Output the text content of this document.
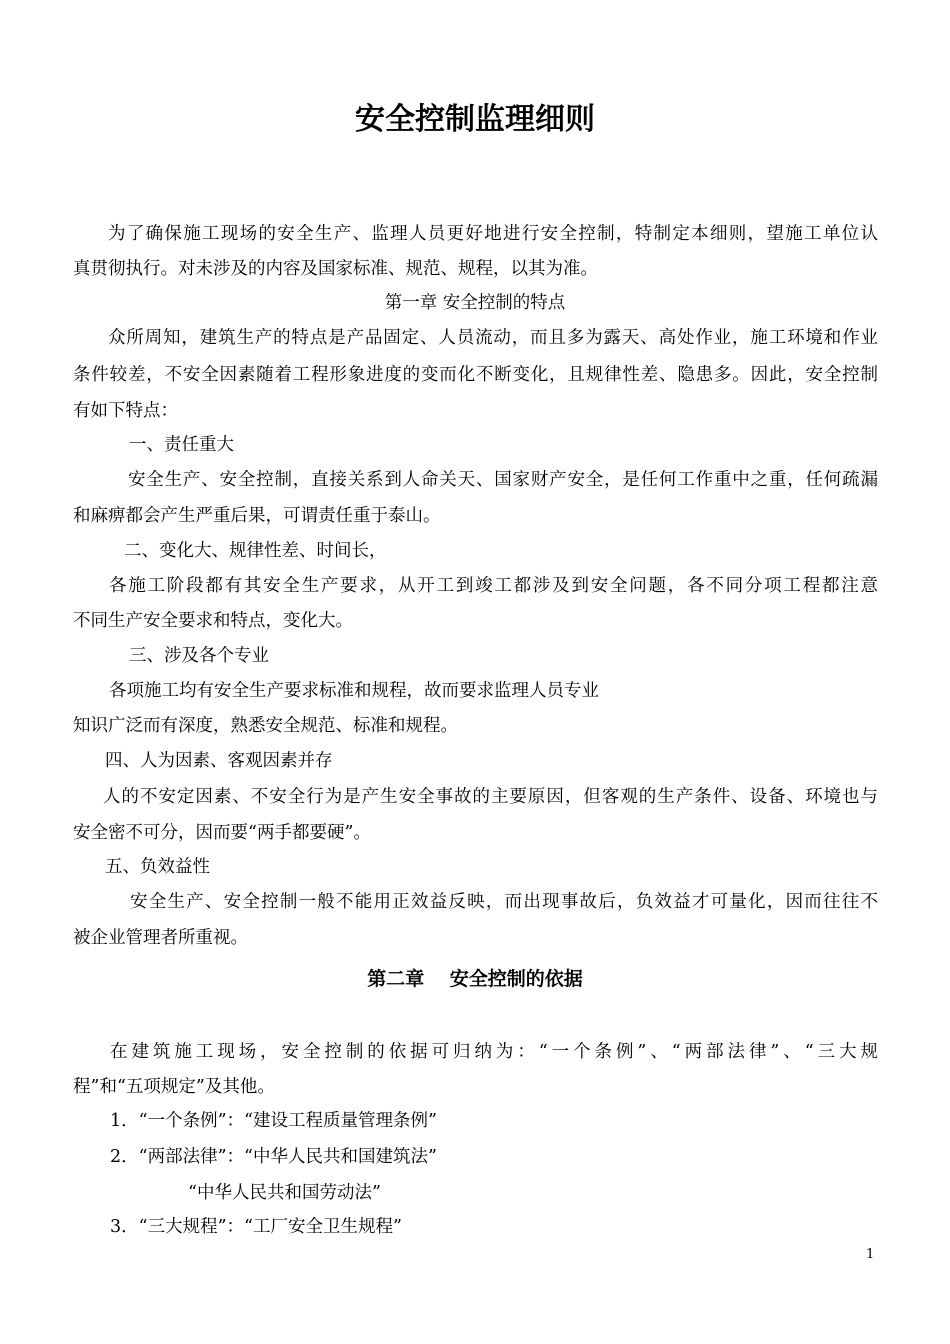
安全控制监理细则
为了确保施工现场的安全生产、监理人员更好地进行安全控制，特制定本细则，望施工单位认
真贯彻执行。对未涉及的内容及国家标准、规范、规程，以其为准。
第一章 安全控制的特点
众所周知，建筑生产的特点是产品固定、人员流动，而且多为露天、高处作业，施工环境和作业
条件较差，不安全因素随着工程形象进度的变而化不断变化，且规律性差、隐患多。因此，安全控制
有如下特点：
一、责任重大
安全生产、安全控制，直接关系到人命关天、国家财产安全，是任何工作重中之重，任何疏漏
和麻痹都会产生严重后果，可谓责任重于泰山。
二、变化大、规律性差、时间长，
各施工阶段都有其安全生产要求，从开工到竣工都涉及到安全问题，各不同分项工程都注意
不同生产安全要求和特点，变化大。
三、涉及各个专业
各项施工均有安全生产要求标准和规程，故而要求监理人员专业
知识广泛而有深度，熟悉安全规范、标准和规程。
四、人为因素、客观因素并存
人的不安定因素、不安全行为是产生安全事故的主要原因，但客观的生产条件、设备、环境也与
安全密不可分，因而要“两手都要硬”。
五、负效益性
安全生产、安全控制一般不能用正效益反映，而出现事故后，负效益才可量化，因而往往不
被企业管理者所重视。
第二章　 安全控制的依据
在建筑施工现场，安全控制的依据可归纳为：“一个条例”、“两部法律”、“三大规
程”和“五项规定”及其他。
1．“一个条例”：“建设工程质量管理条例”
2．“两部法律”：“中华人民共和国建筑法”
“中华人民共和国劳动法”
3．“三大规程”：“工厂安全卫生规程”
1
